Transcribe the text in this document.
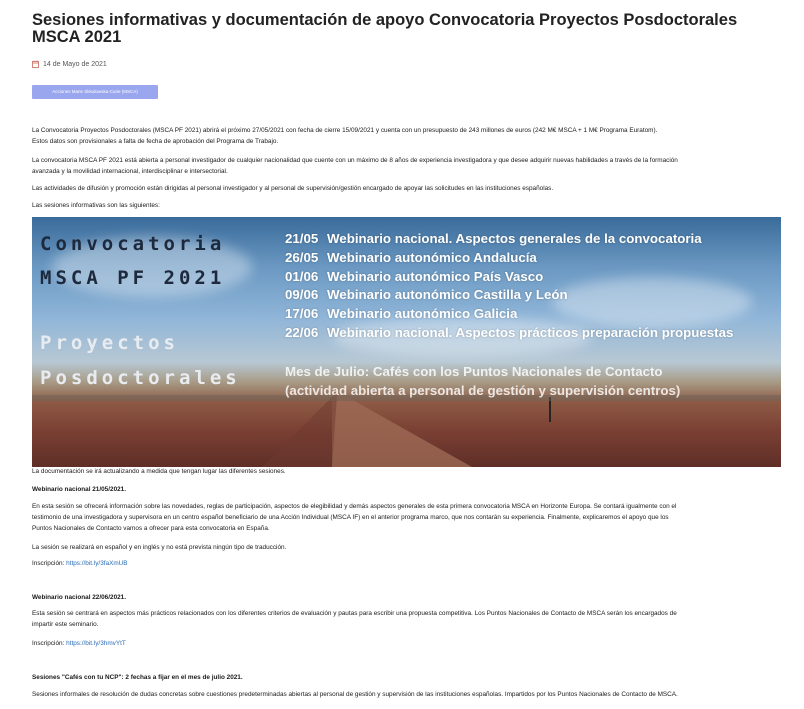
Sesiones informativas y documentación de apoyo Convocatoria Proyectos Posdoctorales MSCA 2021
14 de Mayo de 2021
Acciones Marie Skłodowska-Curie (MSCA)

La Convocatoria Proyectos Posdoctorales (MSCA PF 2021) abrirá el próximo 27/05/2021 con fecha de cierre 15/09/2021 y cuenta con un presupuesto de 243 millones de euros (242 M€ MSCA + 1 M€ Programa Euratom).

Estos datos son provisionales a falta de fecha de aprobación del Programa de Trabajo.

La convocatoria MSCA PF 2021 está abierta a personal investigador de cualquier nacionalidad que cuente con un máximo de 8 años de experiencia investigadora y que desee adquirir nuevas habilidades a través de la formación

avanzada y la movilidad internacional, interdisciplinar e intersectorial.

Las actividades de difusión y promoción están dirigidas al personal investigador y al personal de supervisión/gestión encargado de apoyar las solicitudes en las instituciones españolas.

Las sesiones informativas son las siguientes:

Convocatoria
MSCA PF 2021
Proyectos
Posdoctorales
21/05 Webinario nacional. Aspectos generales de la convocatoria
26/05 Webinario autonómico Andalucía
01/06 Webinario autonómico País Vasco
09/06 Webinario autonómico Castilla y León
17/06 Webinario autonómico Galicia
22/06 Webinario nacional. Aspectos prácticos preparación propuestas
Mes de Julio: Cafés con los Puntos Nacionales de Contacto
(actividad abierta a personal de gestión y supervisión centros)

La documentación se irá actualizando a medida que tengan lugar las diferentes sesiones.

Webinario nacional 21/05/2021.

En esta sesión se ofrecerá información sobre las novedades, reglas de participación, aspectos de elegibilidad y demás aspectos generales de esta primera convocatoria MSCA en Horizonte Europa. Se contará igualmente con el

testimonio de una investigadora y supervisora en un centro español beneficiario de una Acción Individual (MSCA IF) en el anterior programa marco, que nos contarán su experiencia. Finalmente, explicaremos el apoyo que los

Puntos Nacionales de Contacto vamos a ofrecer para esta convocatoria en España.

La sesión se realizará en español y en inglés y no está prevista ningún tipo de traducción.

Inscripción: https://bit.ly/3faXmUB

Webinario nacional 22/06/2021.

Esta sesión se centrará en aspectos más prácticos relacionados con los diferentes criterios de evaluación y pautas para escribir una propuesta competitiva. Los Puntos Nacionales de Contacto de MSCA serán los encargados de

impartir este seminario.

Inscripción: https://bit.ly/3hmvYtT

Sesiones "Cafés con tu NCP": 2 fechas a fijar en el mes de julio 2021.

Sesiones informales de resolución de dudas concretas sobre cuestiones predeterminadas abiertas al personal de gestión y supervisión de las instituciones españolas. Impartidos por los Puntos Nacionales de Contacto de MSCA.
